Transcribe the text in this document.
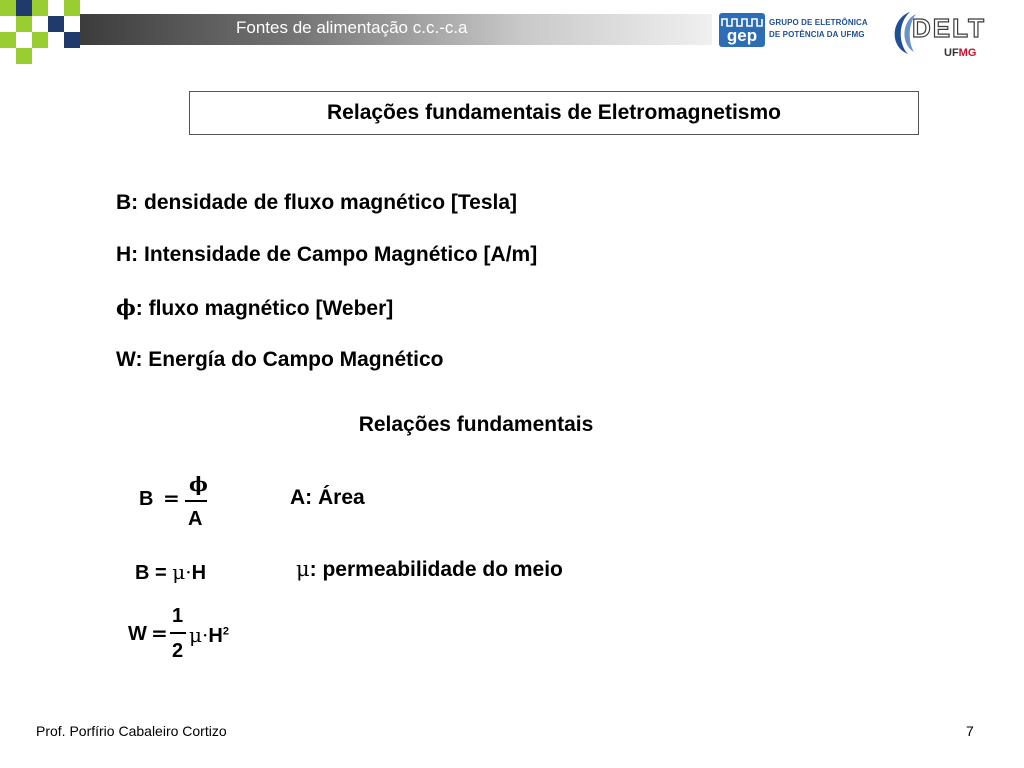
Fontes de alimentação c.c.-c.a	gep
GRUPO DE ELETRÔNICA
DE POTÊNCIA DA UFMG DELT
UFMG
Relações fundamentais de Eletromagnetismo
B: densidade de fluxo magnético [Tesla]
H: Intensidade de Campo Magnético [A/m]
ϕ: fluxo magnético [Weber]
W: Energía do Campo Magnético
Relações fundamentais
B =
ϕ
A
A: Área
B = μ·H	μ: permeabilidade do meio
W =
1
2
$\mu\cdot H^2$
Prof. Porfírio Cabaleiro Cortizo	7
